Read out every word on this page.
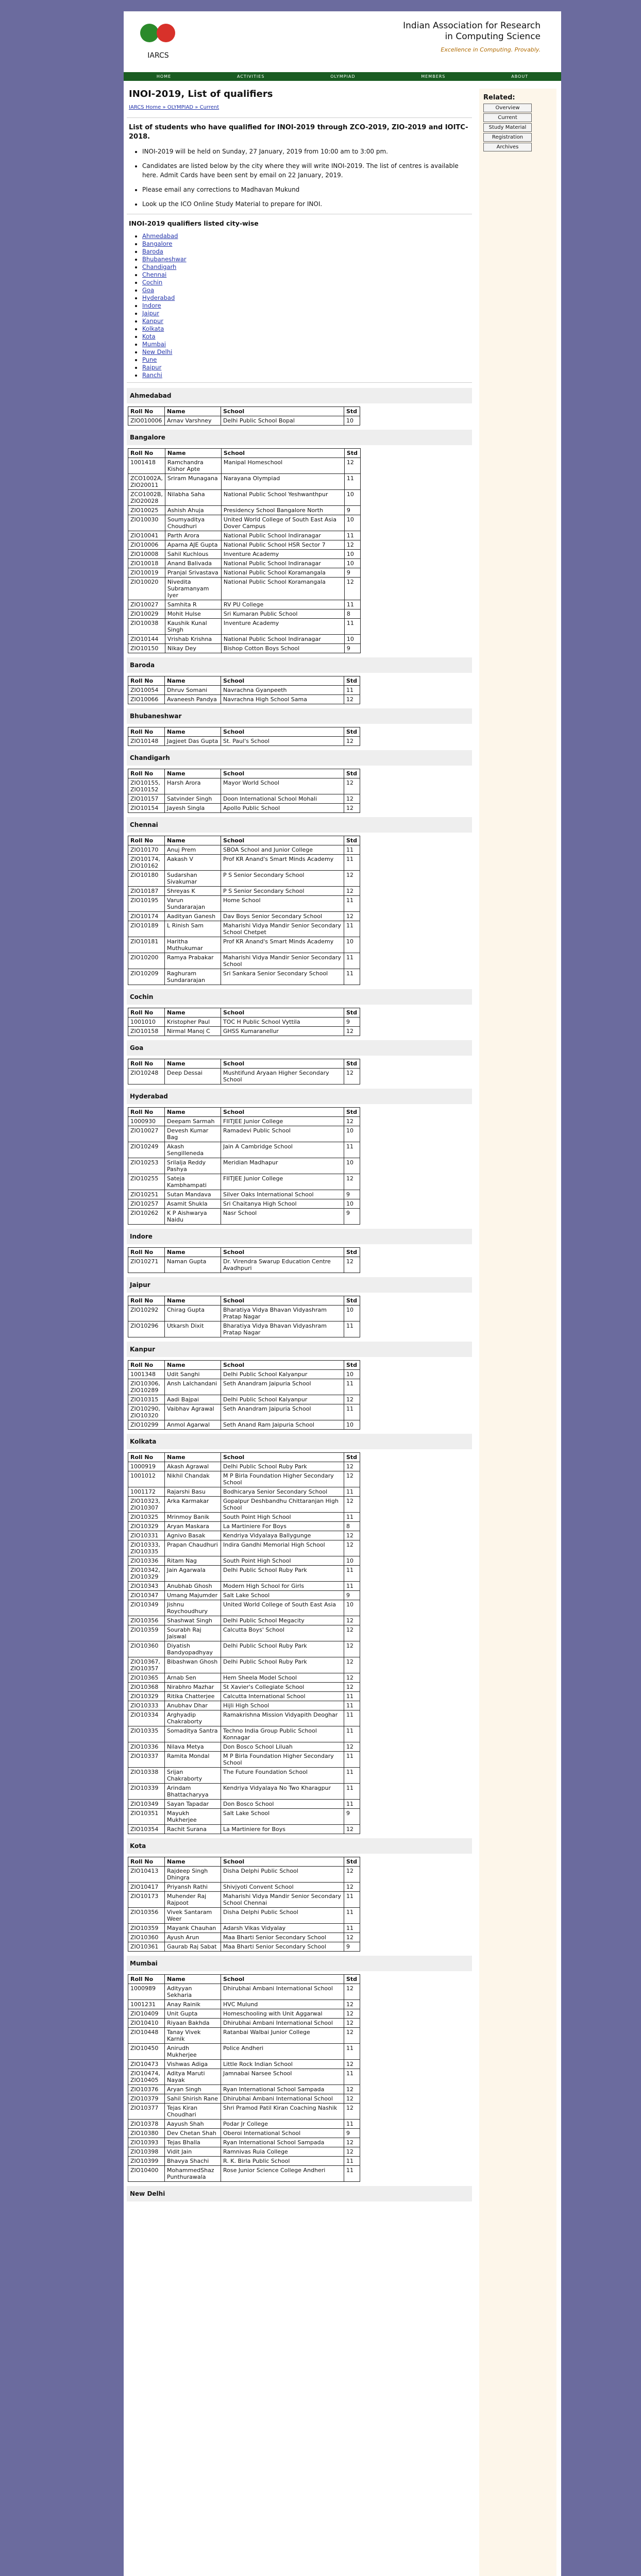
IARCS
Indian Association for Research
in Computing Science
Excellence in Computing. Provably.
HOME	ACTIVITIES	OLYMPIAD	MEMBERS	ABOUT
INOI-2019, List of qualifiers
IARCS Home » OLYMPIAD » Current
List of students who have qualified for INOI-2019 through ZCO-2019, ZIO-2019 and IOITC-2018.
• INOI-2019 will be held on Sunday, 27 January, 2019 from 10:00 am to 3:00 pm.
• Candidates are listed below by the city where they will write INOI-2019. The list of centres is available here. Admit Cards have been sent by email on 22 January, 2019.
• Please email any corrections to Madhavan Mukund
• Look up the ICO Online Study Material to prepare for INOI.
INOI-2019 qualifiers listed city-wise
• Ahmedabad
• Bangalore
• Baroda
• Bhubaneshwar
• Chandigarh
• Chennai
• Cochin
• Goa
• Hyderabad
• Indore
• Jaipur
• Kanpur
• Kolkata
• Kota
• Mumbai
• New Delhi
• Pune
• Raipur
• Ranchi
Ahmedabad
Roll No	Name	School	Std
ZIO010006	Arnav Varshney	Delhi Public School Bopal	10
Bangalore
Roll No	Name	School	Std
1001418	Ramchandra Kishor Apte	Manipal Homeschool	12
ZCO1002A, ZIO20011	Sriram Munagana	Narayana Olympiad	11
ZCO1002B, ZIO20028	Nilabha Saha	National Public School Yeshwanthpur	10
ZIO10025	Ashish Ahuja	Presidency School Bangalore North	9
ZIO10030	Soumyaditya Choudhuri	United World College of South East Asia Dover Campus	10
ZIO10041	Parth Arora	National Public School Indiranagar	11
ZIO10006	Aparna AJE Gupta	National Public School HSR Sector 7	12
ZIO10008	Sahil Kuchlous	Inventure Academy	10
ZIO10018	Anand Balivada	National Public School Indiranagar	10
ZIO10019	Pranjal Srivastava	National Public School Koramangala	9
ZIO10020	Nivedita Subramanyam Iyer	National Public School Koramangala	12
ZIO10027	Samhita R	RV PU College	11
ZIO10029	Mohit Hulse	Sri Kumaran Public School	8
ZIO10038	Kaushik Kunal Singh	Inventure Academy	11
ZIO10144	Vrishab Krishna	National Public School Indiranagar	10
ZIO10150	Nikay Dey	Bishop Cotton Boys School	9
Baroda
Roll No	Name	School	Std
ZIO10054	Dhruv Somani	Navrachna Gyanpeeth	11
ZIO10066	Avaneesh Pandya	Navrachna High School Sama	12
Bhubaneshwar
Roll No	Name	School	Std
ZIO10148	Jagjeet Das Gupta	St. Paul's School	12
Chandigarh
Roll No	Name	School	Std
ZIO10155, ZIO10152	Harsh Arora	Mayor World School	12
ZIO10157	Satvinder Singh	Doon International School Mohali	12
ZIO10154	Jayesh Singla	Apollo Public School	12
Chennai
Roll No	Name	School	Std
ZIO10170	Anuj Prem	SBOA School and Junior College	11
ZIO10174, ZIO10162	Aakash V	Prof KR Anand's Smart Minds Academy	11
ZIO10180	Sudarshan Sivakumar	P S Senior Secondary School	12
ZIO10187	Shreyas K	P S Senior Secondary School	12
ZIO10195	Varun Sundararajan	Home School	11
ZIO10174	Aadityan Ganesh	Dav Boys Senior Secondary School	12
ZIO10189	L Rinish Sam	Maharishi Vidya Mandir Senior Secondary School Chetpet	11
ZIO10181	Haritha Muthukumar	Prof KR Anand's Smart Minds Academy	10
ZIO10200	Ramya Prabakar	Maharishi Vidya Mandir Senior Secondary School	11
ZIO10209	Raghuram Sundararajan	Sri Sankara Senior Secondary School	11
Cochin
Roll No	Name	School	Std
1001010	Kristopher Paul	TOC H Public School Vyttila	9
ZIO10158	Nirmal Manoj C	GHSS Kumaranellur	12
Goa
Roll No	Name	School	Std
ZIO10248	Deep Dessai	Mushtifund Aryaan Higher Secondary School	12
Hyderabad
Roll No	Name	School	Std
1000930	Deepam Sarmah	FIITJEE Junior College	12
ZIO10027	Devesh Kumar Bag	Ramadevi Public School	10
ZIO10249	Akash Sengilleneda	Jain A Cambridge School	11
ZIO10253	Srilalja Reddy Pashya	Meridian Madhapur	10
ZIO10255	Sateja Kambhampati	FIITJEE Junior College	12
ZIO10251	Sutan Mandava	Silver Oaks International School	9
ZIO10257	Asamit Shukla	Sri Chaitanya High School	10
ZIO10262	K P Aishwarya Naidu	Nasr School	9
Indore
Roll No	Name	School	Std
ZIO10271	Naman Gupta	Dr. Virendra Swarup Education Centre Avadhpuri	12
Jaipur
Roll No	Name	School	Std
ZIO10292	Chirag Gupta	Bharatiya Vidya Bhavan Vidyashram Pratap Nagar	10
ZIO10296	Utkarsh Dixit	Bharatiya Vidya Bhavan Vidyashram Pratap Nagar	11
Kanpur
Roll No	Name	School	Std
1001348	Udit Sanghi	Delhi Public School Kalyanpur	10
ZIO10306, ZIO10289	Ansh Lalchandani	Seth Anandram Jaipuria School	11
ZIO10315	Aadi Bajpai	Delhi Public School Kalyanpur	12
ZIO10290, ZIO10320	Vaibhav Agrawal	Seth Anandram Jaipuria School	11
ZIO10299	Anmol Agarwal	Seth Anand Ram Jaipuria School	10
Kolkata
Roll No	Name	School	Std
1000919	Akash Agrawal	Delhi Public School Ruby Park	12
1001012	Nikhil Chandak	M P Birla Foundation Higher Secondary School	12
1001172	Rajarshi Basu	Bodhicarya Senior Secondary School	11
ZIO10323, ZIO10307	Arka Karmakar	Gopalpur Deshbandhu Chittaranjan High School	12
ZIO10325	Mrinmoy Banik	South Point High School	11
ZIO10329	Aryan Maskara	La Martiniere For Boys	8
ZIO10331	Agnivo Basak	Kendriya Vidyalaya Ballygunge	12
ZIO10333, ZIO10335	Prapan Chaudhuri	Indira Gandhi Memorial High School	12
ZIO10336	Ritam Nag	South Point High School	10
ZIO10342, ZIO10329	Jain Agarwala	Delhi Public School Ruby Park	11
ZIO10343	Anubhab Ghosh	Modern High School for Girls	11
ZIO10347	Umang Majumder	Salt Lake School	9
ZIO10349	Jishnu Roychoudhury	United World College of South East Asia	10
ZIO10356	Shashwat Singh	Delhi Public School Megacity	12
ZIO10359	Sourabh Raj Jaiswal	Calcutta Boys' School	12
ZIO10360	Diyatish Bandyopadhyay	Delhi Public School Ruby Park	12
ZIO10367, ZIO10357	Bibashwan Ghosh	Delhi Public School Ruby Park	12
ZIO10365	Arnab Sen	Hem Sheela Model School	12
ZIO10368	Nirabhro Mazhar	St Xavier's Collegiate School	12
ZIO10329	Ritika Chatterjee	Calcutta International School	11
ZIO10333	Anubhav Dhar	Hijli High School	11
ZIO10334	Arghyadip Chakraborty	Ramakrishna Mission Vidyapith Deoghar	11
ZIO10335	Somaditya Santra	Techno India Group Public School Konnagar	11
ZIO10336	Nilava Metya	Don Bosco School Liluah	12
ZIO10337	Ramita Mondal	M P Birla Foundation Higher Secondary School	11
ZIO10338	Srijan Chakraborty	The Future Foundation School	11
ZIO10339	Arindam Bhattacharyya	Kendriya Vidyalaya No Two Kharagpur	11
ZIO10349	Sayan Tapadar	Don Bosco School	11
ZIO10351	Mayukh Mukherjee	Salt Lake School	9
ZIO10354	Rachit Surana	La Martiniere for Boys	12
Kota
Roll No	Name	School	Std
ZIO10413	Rajdeep Singh Dhingra	Disha Delphi Public School	12
ZIO10417	Priyansh Rathi	Shivjyoti Convent School	12
ZIO10173	Muhender Raj Rajpoot	Maharishi Vidya Mandir Senior Secondary School Chennai	11
ZIO10356	Vivek Santaram Weer	Disha Delphi Public School	11
ZIO10359	Mayank Chauhan	Adarsh Vikas Vidyalay	11
ZIO10360	Ayush Arun	Maa Bharti Senior Secondary School	12
ZIO10361	Gaurab Raj Sabat	Maa Bharti Senior Secondary School	9
Mumbai
Roll No	Name	School	Std
1000989	Adityyan Sekharia	Dhirubhai Ambani International School	12
1001231	Anay Rainik	HVC Mulund	12
ZIO10409	Unit Gupta	Homeschooling with Unit Aggarwal	12
ZIO10410	Riyaan Bakhda	Dhirubhai Ambani International School	12
ZIO10448	Tanay Vivek Karnik	Ratanbai Walbai Junior College	12
ZIO10450	Anirudh Mukherjee	Police Andheri	11
ZIO10473	Vishwas Adiga	Little Rock Indian School	12
ZIO10474, ZIO10405	Aditya Maruti Nayak	Jamnabai Narsee School	11
ZIO10376	Aryan Singh	Ryan International School Sampada	12
ZIO10379	Sahil Shirish Rane	Dhirubhai Ambani International School	12
ZIO10377	Tejas Kiran Choudhari	Shri Pramod Patil Kiran Coaching Nashik	12
ZIO10378	Aayush Shah	Podar Jr College	11
ZIO10380	Dev Chetan Shah	Oberoi International School	9
ZIO10393	Tejas Bhalla	Ryan International School Sampada	12
ZIO10398	Vidit Jain	Ramnivas Ruia College	12
ZIO10399	Bhavya Shachi	R. K. Birla Public School	11
ZIO10400	MohammedShaz Punthurawala	Rose Junior Science College Andheri	11
New Delhi
Related:
Overview
Current
Study Material
Registration
Archives
